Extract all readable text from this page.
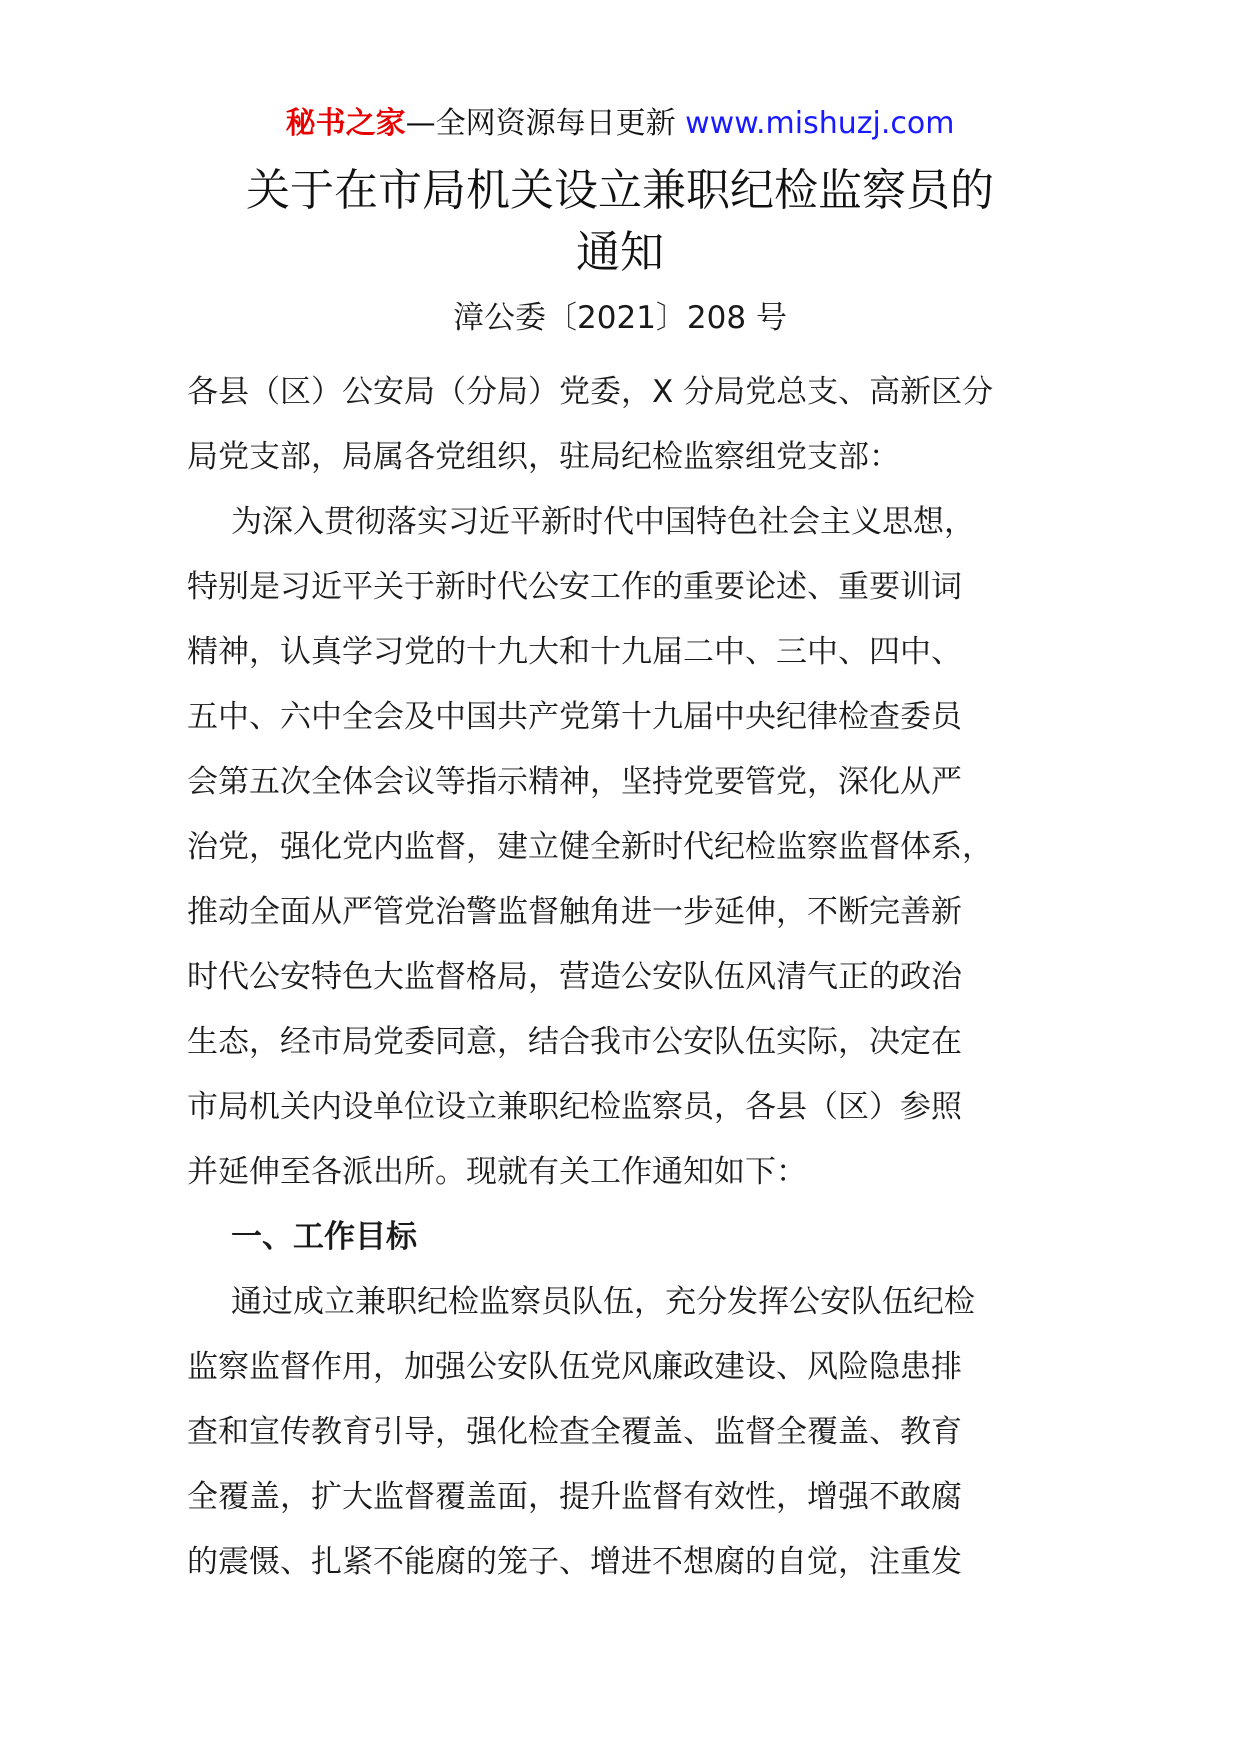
秘书之家—全网资源每日更新 www.mishuzj.com
关于在市局机关设立兼职纪检监察员的
通知
漳公委〔2021〕208 号
各县（区）公安局（分局）党委，X 分局党总支、高新区分
局党支部，局属各党组织，驻局纪检监察组党支部：
为深入贯彻落实习近平新时代中国特色社会主义思想，
特别是习近平关于新时代公安工作的重要论述、重要训词
精神，认真学习党的十九大和十九届二中、三中、四中、
五中、六中全会及中国共产党第十九届中央纪律检查委员
会第五次全体会议等指示精神，坚持党要管党，深化从严
治党，强化党内监督，建立健全新时代纪检监察监督体系，
推动全面从严管党治警监督触角进一步延伸，不断完善新
时代公安特色大监督格局，营造公安队伍风清气正的政治
生态，经市局党委同意，结合我市公安队伍实际，决定在
市局机关内设单位设立兼职纪检监察员，各县（区）参照
并延伸至各派出所。现就有关工作通知如下：
一、工作目标
通过成立兼职纪检监察员队伍，充分发挥公安队伍纪检
监察监督作用，加强公安队伍党风廉政建设、风险隐患排
查和宣传教育引导，强化检查全覆盖、监督全覆盖、教育
全覆盖，扩大监督覆盖面，提升监督有效性，增强不敢腐
的震慑、扎紧不能腐的笼子、增进不想腐的自觉，注重发
